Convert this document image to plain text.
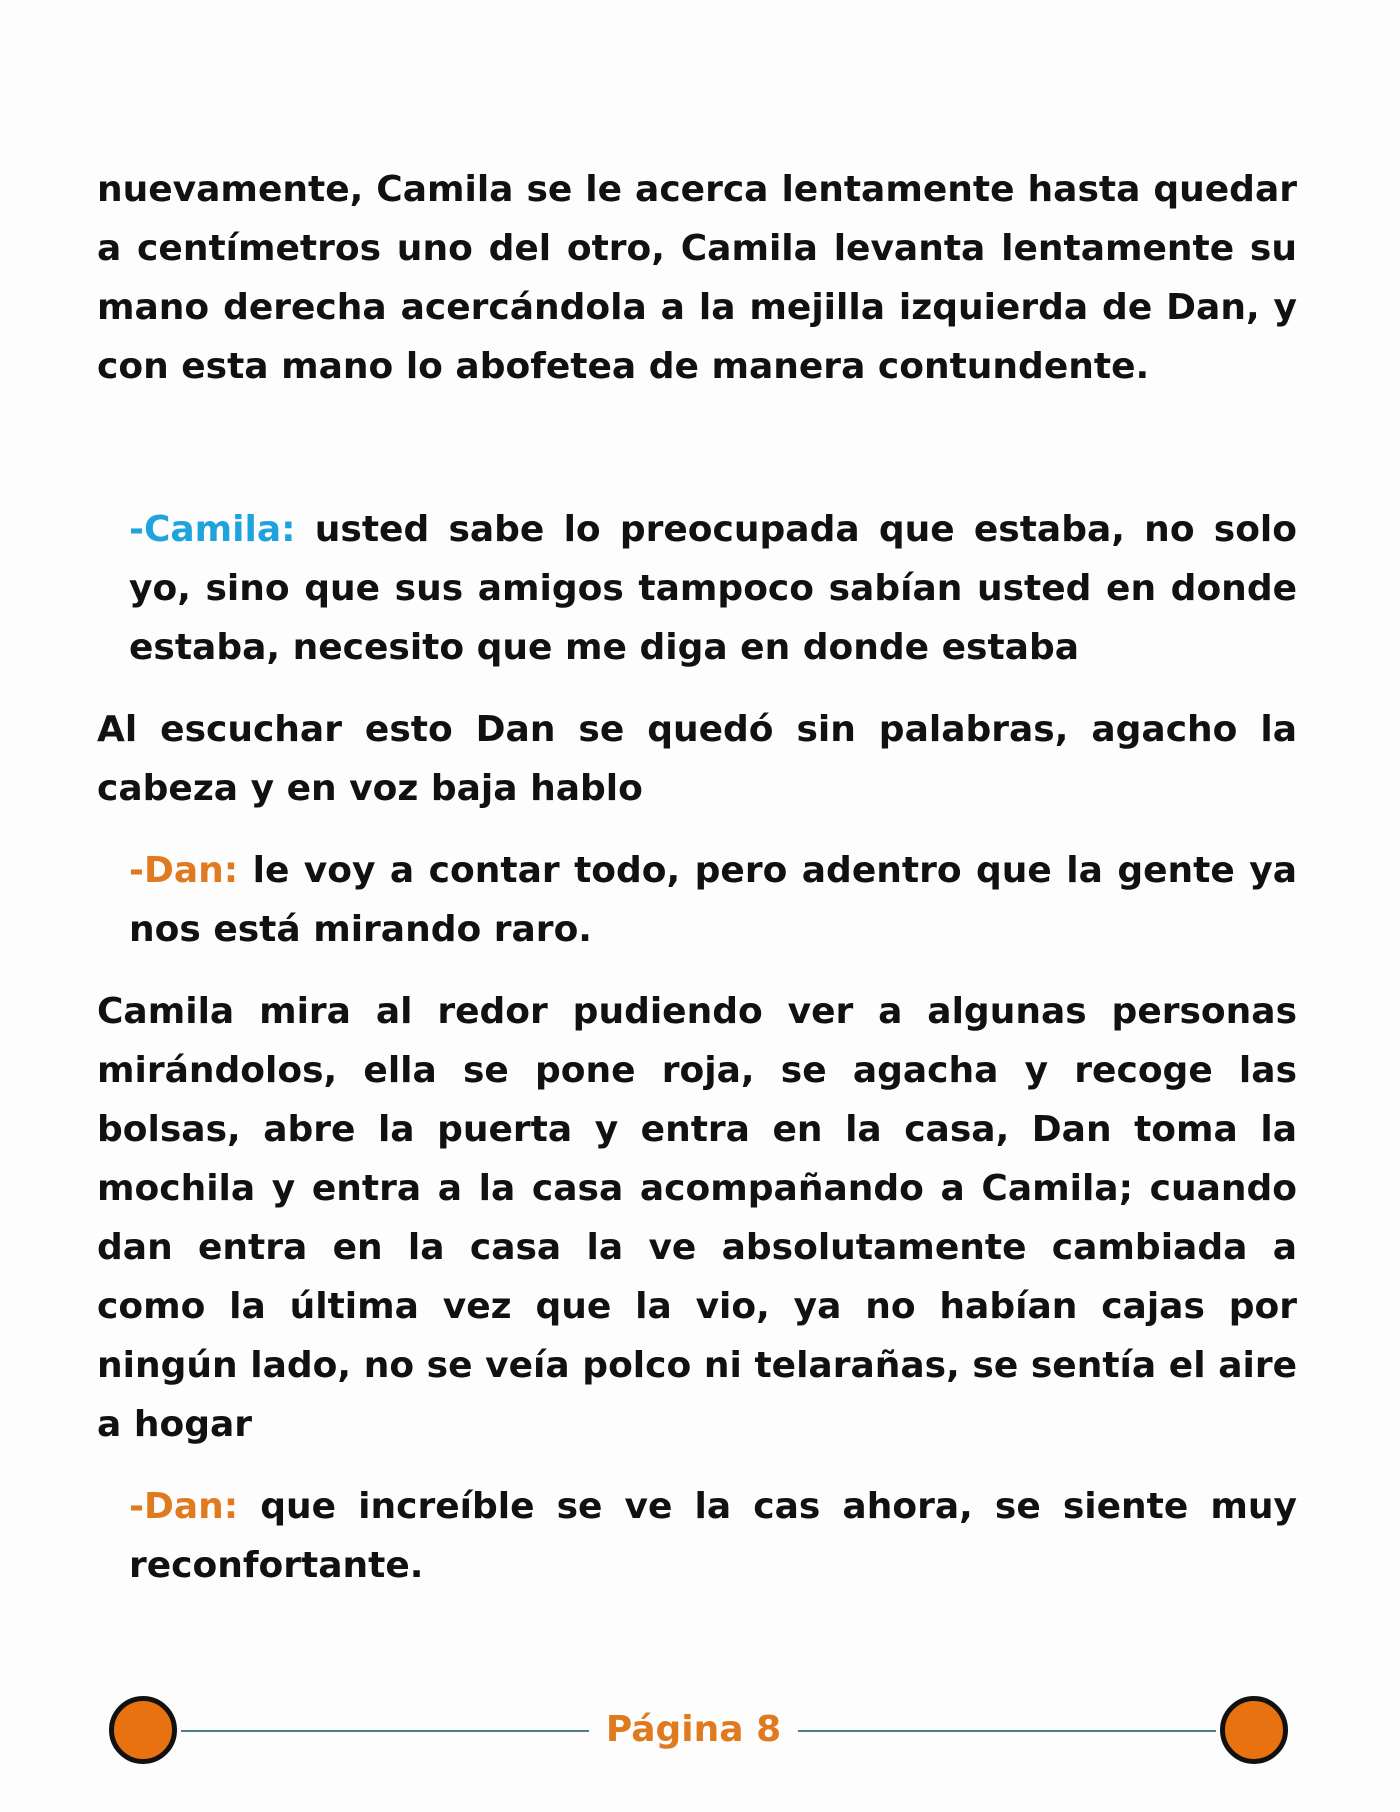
nuevamente, Camila se le acerca lentamente hasta quedar a centímetros uno del otro, Camila levanta lentamente su mano derecha acercándola a la mejilla izquierda de Dan, y con esta mano lo abofetea de manera contundente.

-Camila: usted sabe lo preocupada que estaba, no solo yo, sino que sus amigos tampoco sabían usted en donde estaba, necesito que me diga en donde estaba

Al escuchar esto Dan se quedó sin palabras, agacho la cabeza y en voz baja hablo

-Dan: le voy a contar todo, pero adentro que la gente ya nos está mirando raro.

Camila mira al redor pudiendo ver a algunas personas mirándolos, ella se pone roja, se agacha y recoge las bolsas, abre la puerta y entra en la casa, Dan toma la mochila y entra a la casa acompañando a Camila; cuando dan entra en la casa la ve absolutamente cambiada a como la última vez que la vio, ya no habían cajas por ningún lado, no se veía polco ni telarañas, se sentía el aire a hogar

-Dan: que increíble se ve la cas ahora, se siente muy reconfortante.

Página 8
